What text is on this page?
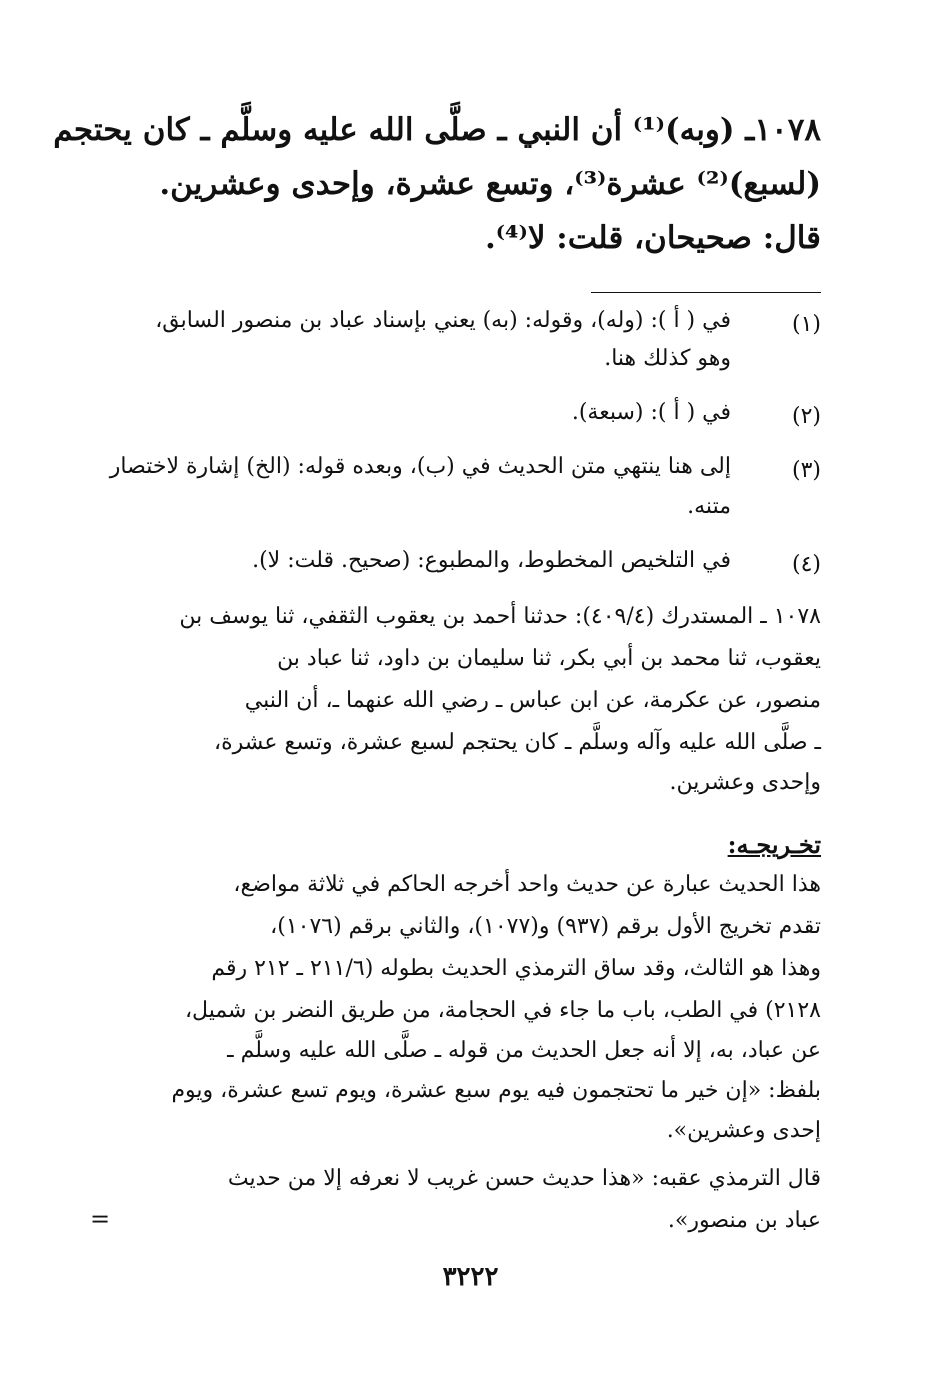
١٠٧٨ـ (وبه)⁽¹⁾ أن النبي ـ صلَّى الله عليه وسلَّم ـ كان يحتجم
(لسبع)⁽²⁾ عشرة⁽³⁾، وتسع عشرة، وإحدى وعشرين.
قال: صحيحان، قلت: لا⁽⁴⁾.
(١)
في ( أ ): (وله)، وقوله: (به) يعني بإسناد عباد بن منصور السابق،
وهو كذلك هنا.
(٢)
في ( أ ): (سبعة).
(٣)
إلى هنا ينتهي متن الحديث في (ب)، وبعده قوله: (الخ) إشارة لاختصار
متنه.
(٤)
في التلخيص المخطوط، والمطبوع: (صحيح. قلت: لا).
١٠٧٨ ـ المستدرك (٤٠٩/٤): حدثنا أحمد بن يعقوب الثقفي، ثنا يوسف بن
يعقوب، ثنا محمد بن أبي بكر، ثنا سليمان بن داود، ثنا عباد بن
منصور، عن عكرمة، عن ابن عباس ـ رضي الله عنهما ـ، أن النبي
ـ صلَّى الله عليه وآله وسلَّم ـ كان يحتجم لسبع عشرة، وتسع عشرة،
وإحدى وعشرين.
تخـريجـه:
هذا الحديث عبارة عن حديث واحد أخرجه الحاكم في ثلاثة مواضع،
تقدم تخريج الأول برقم (٩٣٧) و(١٠٧٧)، والثاني برقم (١٠٧٦)،
وهذا هو الثالث، وقد ساق الترمذي الحديث بطوله (٢١١/٦ ـ ٢١٢ رقم
٢١٢٨) في الطب، باب ما جاء في الحجامة، من طريق النضر بن شميل،
عن عباد، به، إلا أنه جعل الحديث من قوله ـ صلَّى الله عليه وسلَّم ـ
بلفظ: «إن خير ما تحتجمون فيه يوم سبع عشرة، ويوم تسع عشرة، ويوم
إحدى وعشرين».
قال الترمذي عقبه: «هذا حديث حسن غريب لا نعرفه إلا من حديث
عباد بن منصور».
=
٣٢٢٢
